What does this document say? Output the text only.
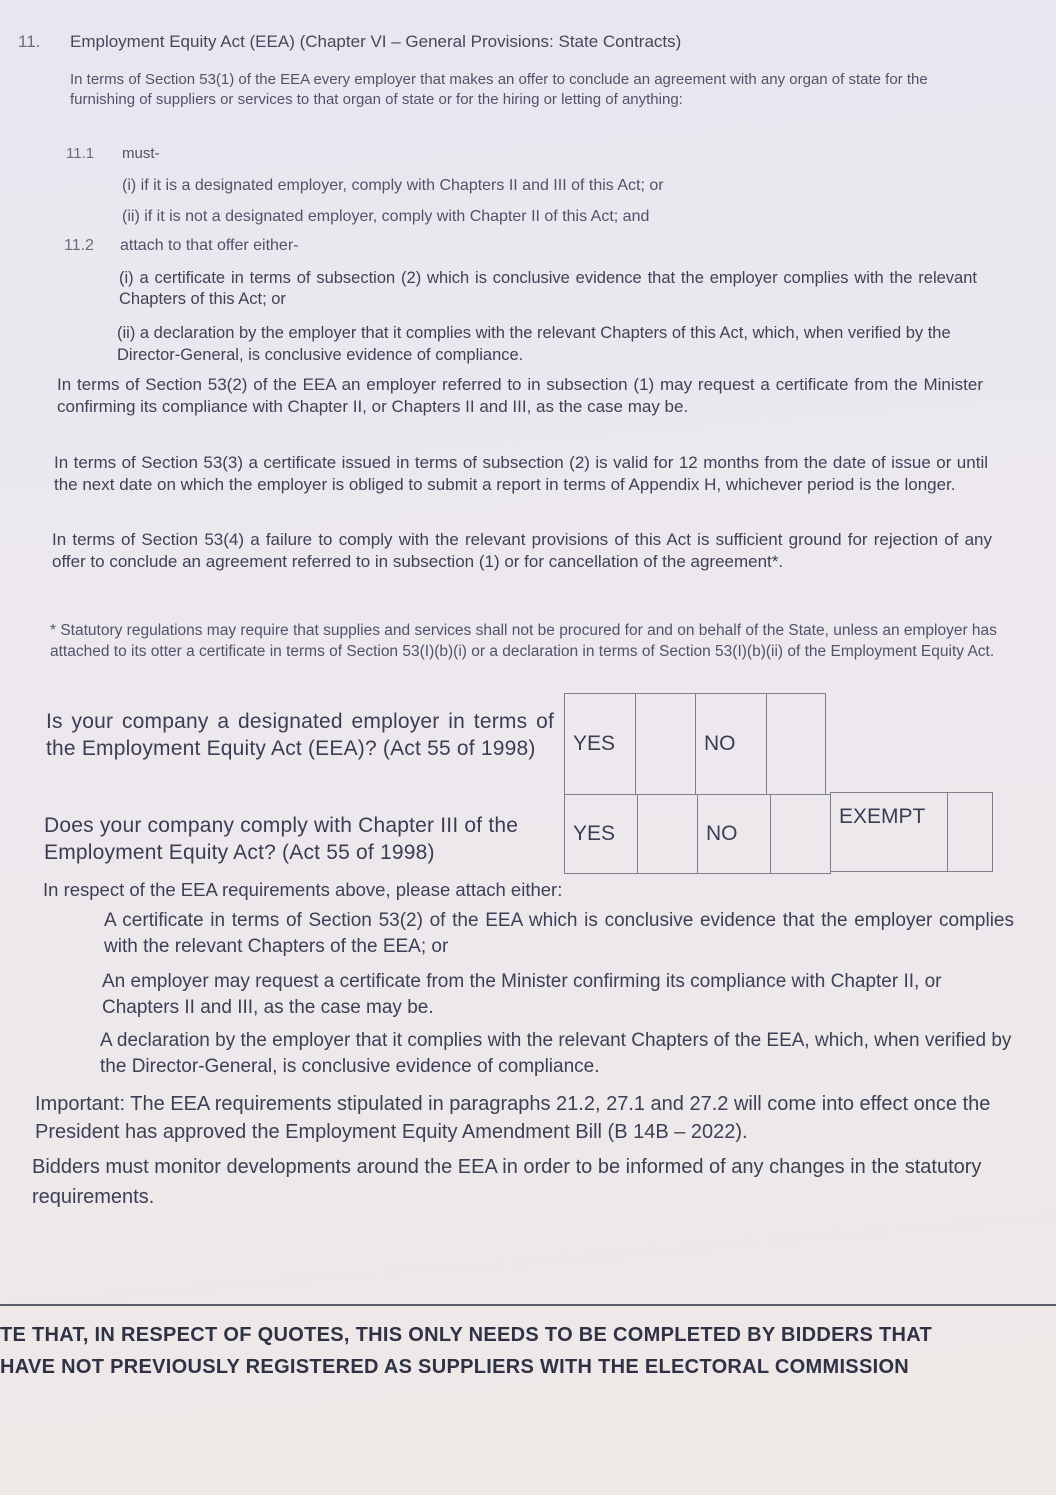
11. Employment Equity Act (EEA) (Chapter VI – General Provisions: State Contracts)

In terms of Section 53(1) of the EEA every employer that makes an offer to conclude an agreement with any organ of state for the furnishing of suppliers or services to that organ of state or for the hiring or letting of anything:

11.1 must-

(i) if it is a designated employer, comply with Chapters II and III of this Act; or

(ii) if it is not a designated employer, comply with Chapter II of this Act; and

11.2 attach to that offer either-

(i) a certificate in terms of subsection (2) which is conclusive evidence that the employer complies with the relevant Chapters of this Act; or

(ii) a declaration by the employer that it complies with the relevant Chapters of this Act, which, when verified by the Director-General, is conclusive evidence of compliance.

In terms of Section 53(2) of the EEA an employer referred to in subsection (1) may request a certificate from the Minister confirming its compliance with Chapter II, or Chapters II and III, as the case may be.

In terms of Section 53(3) a certificate issued in terms of subsection (2) is valid for 12 months from the date of issue or until the next date on which the employer is obliged to submit a report in terms of Appendix H, whichever period is the longer.

In terms of Section 53(4) a failure to comply with the relevant provisions of this Act is sufficient ground for rejection of any offer to conclude an agreement referred to in subsection (1) or for cancellation of the agreement*.

* Statutory regulations may require that supplies and services shall not be procured for and on behalf of the State, unless an employer has attached to its otter a certificate in terms of Section 53(I)(b)(i) or a declaration in terms of Section 53(I)(b)(ii) of the Employment Equity Act.

Is your company a designated employer in terms of the Employment Equity Act (EEA)? (Act 55 of 1998)	YES	NO

Does your company comply with Chapter III of the Employment Equity Act? (Act 55 of 1998)

YES	NO
EXEMPT

In respect of the EEA requirements above, please attach either:

A certificate in terms of Section 53(2) of the EEA which is conclusive evidence that the employer complies with the relevant Chapters of the EEA; or

An employer may request a certificate from the Minister confirming its compliance with Chapter II, or Chapters II and III, as the case may be.

A declaration by the employer that it complies with the relevant Chapters of the EEA, which, when verified by the Director-General, is conclusive evidence of compliance.

Important: The EEA requirements stipulated in paragraphs 21.2, 27.1 and 27.2 will come into effect once the President has approved the Employment Equity Amendment Bill (B 14B – 2022).

Bidders must monitor developments around the EEA in order to be informed of any changes in the statutory requirements.

TE THAT, IN RESPECT OF QUOTES, THIS ONLY NEEDS TO BE COMPLETED BY BIDDERS THAT
HAVE NOT PREVIOUSLY REGISTERED AS SUPPLIERS WITH THE ELECTORAL COMMISSION
